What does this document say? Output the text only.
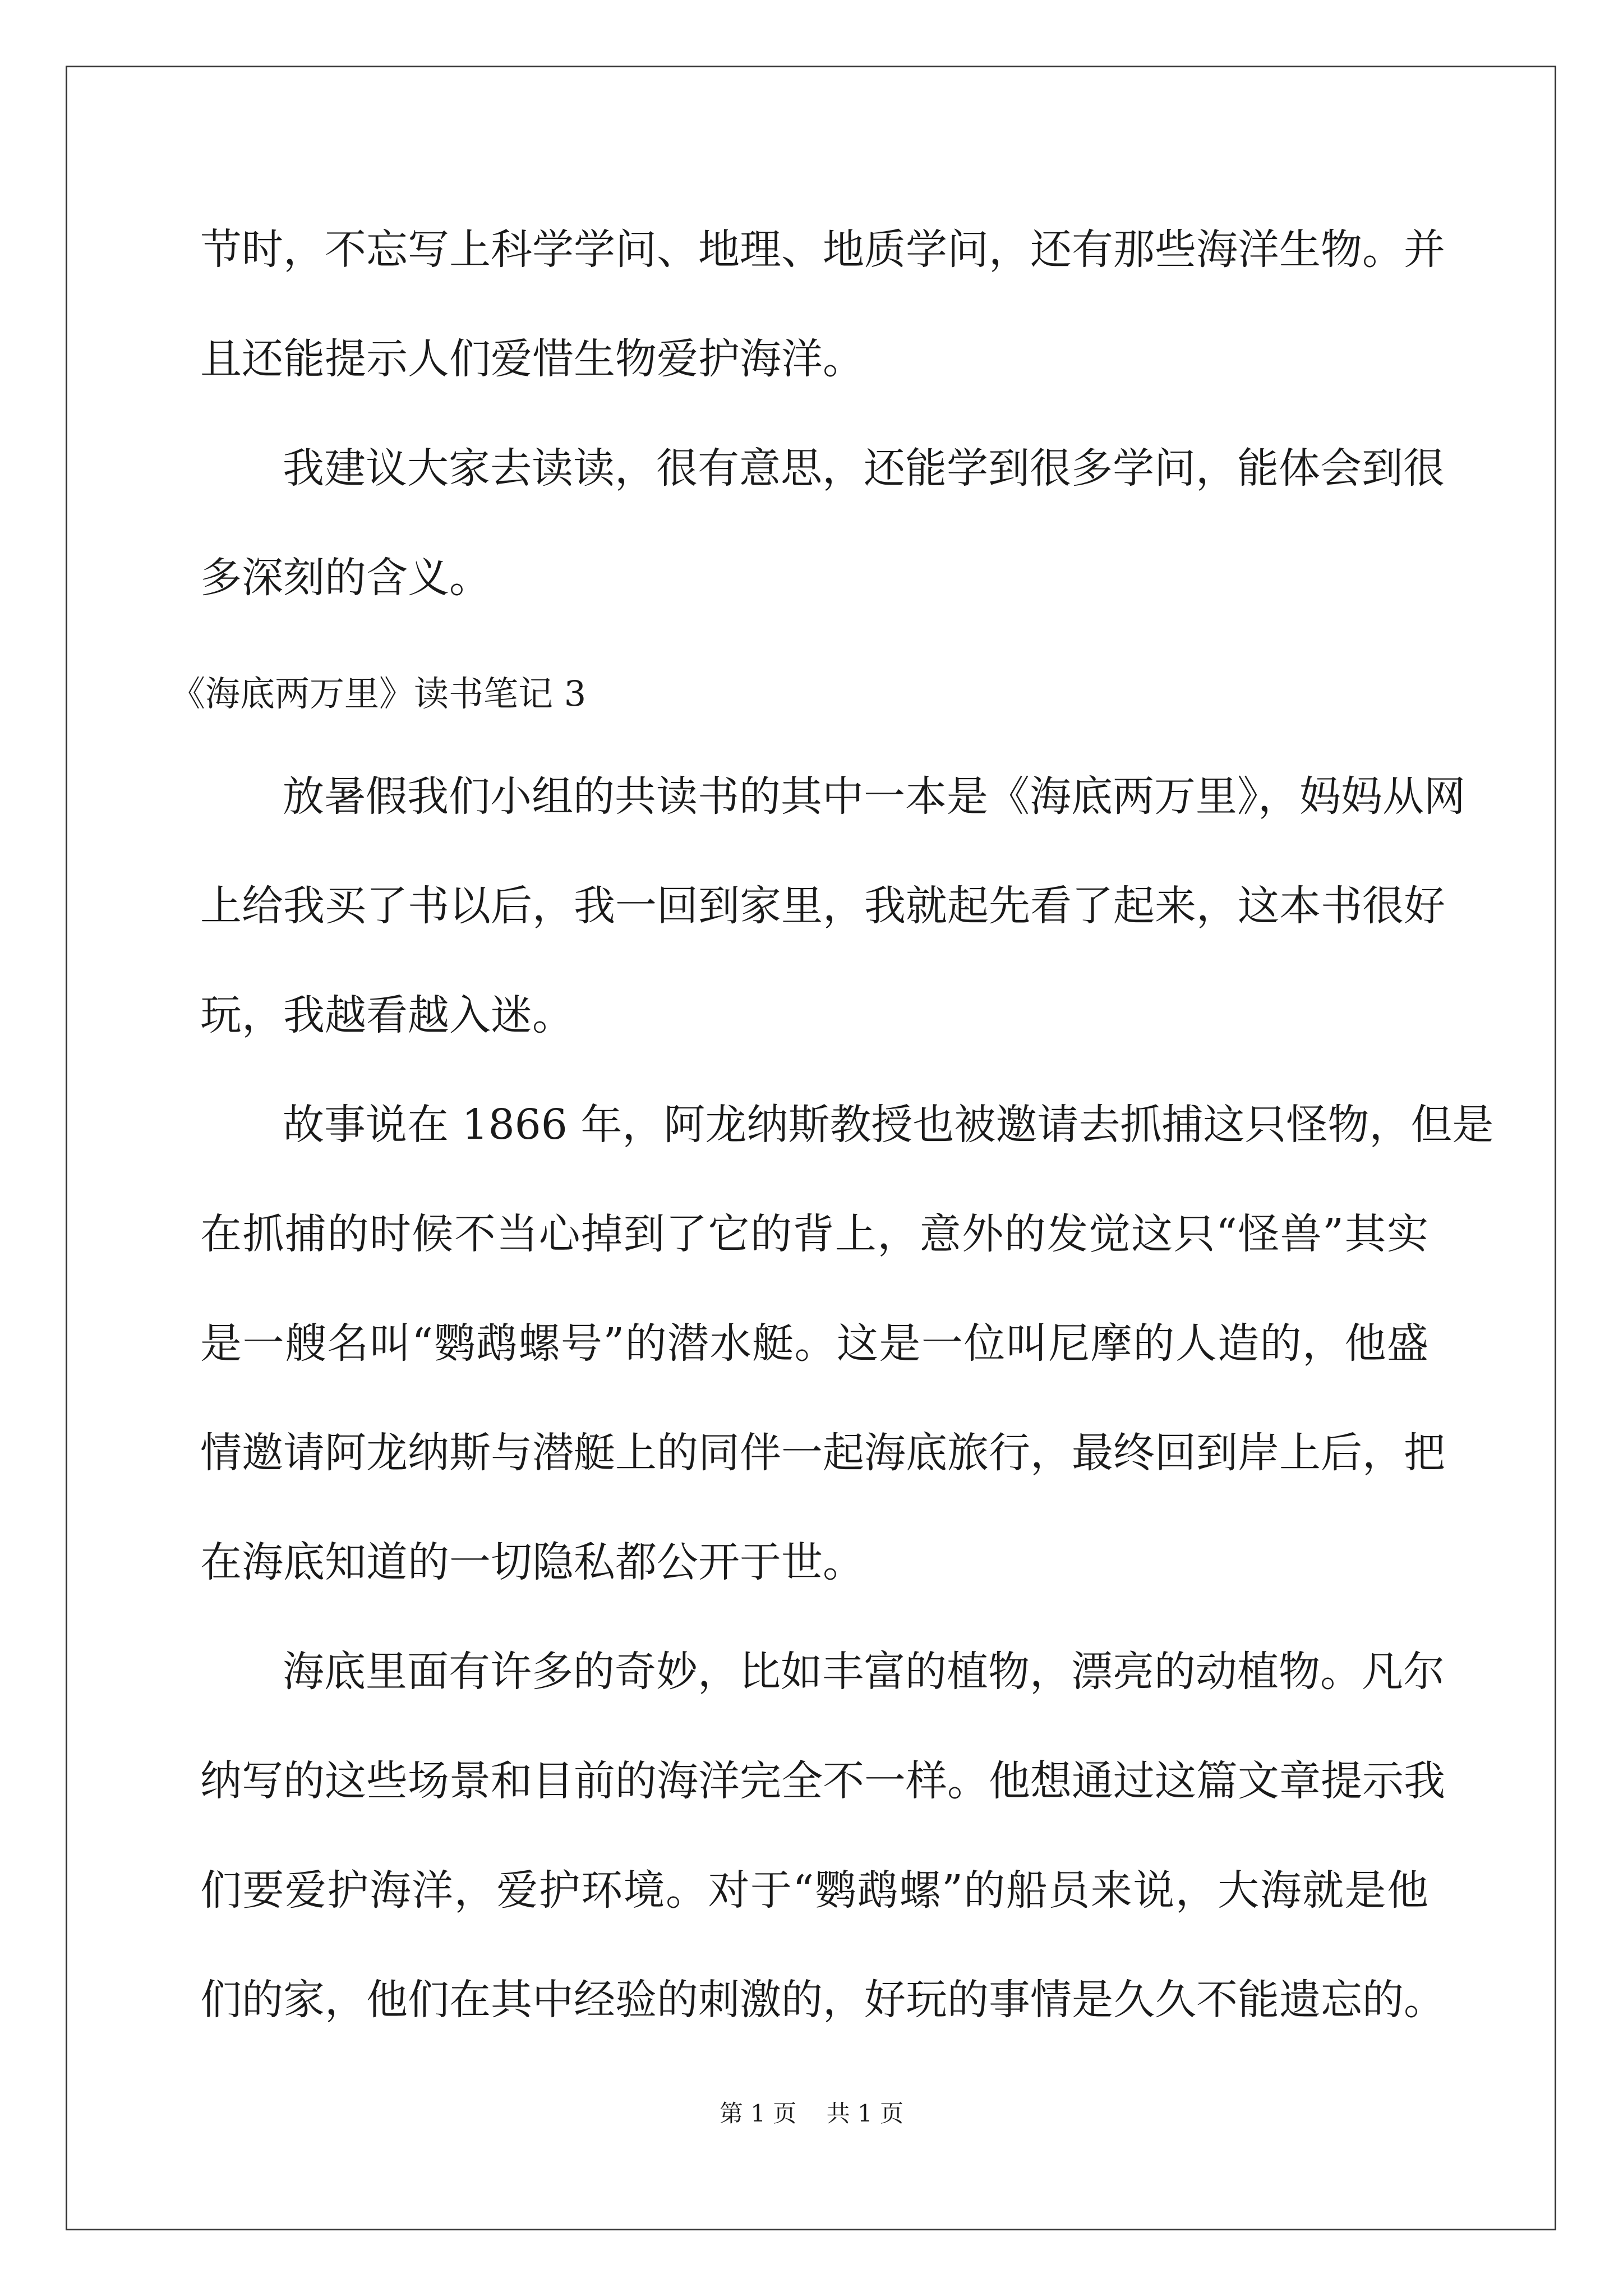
节时，不忘写上科学学问、地理、地质学问，还有那些海洋生物。并
且还能提示人们爱惜生物爱护海洋。
我建议大家去读读，很有意思，还能学到很多学问，能体会到很
多深刻的含义。
《海底两万里》读书笔记 3
放暑假我们小组的共读书的其中一本是《海底两万里》，妈妈从网
上给我买了书以后，我一回到家里，我就起先看了起来，这本书很好
玩，我越看越入迷。
故事说在 1866 年，阿龙纳斯教授也被邀请去抓捕这只怪物，但是
在抓捕的时候不当心掉到了它的背上，意外的发觉这只“怪兽”其实
是一艘名叫“鹦鹉螺号”的潜水艇。这是一位叫尼摩的人造的，他盛
情邀请阿龙纳斯与潜艇上的同伴一起海底旅行，最终回到岸上后，把
在海底知道的一切隐私都公开于世。
海底里面有许多的奇妙，比如丰富的植物，漂亮的动植物。凡尔
纳写的这些场景和目前的海洋完全不一样。他想通过这篇文章提示我
们要爱护海洋，爱护环境。对于“鹦鹉螺”的船员来说，大海就是他
们的家，他们在其中经验的刺激的，好玩的事情是久久不能遗忘的。
第 1 页 共 1 页
